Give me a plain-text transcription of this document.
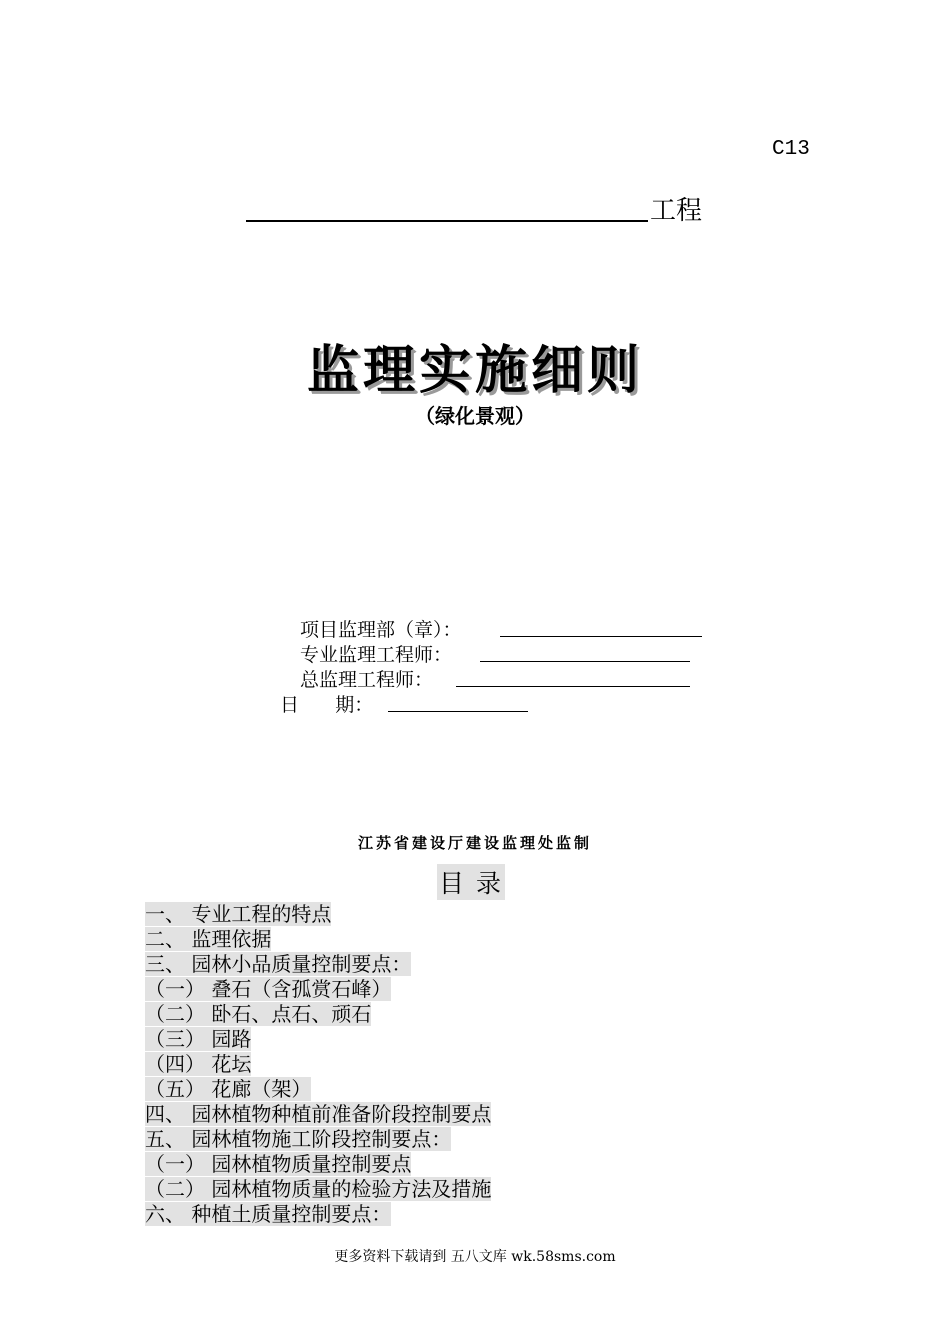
C13
工程
监理实施细则
（绿化景观）
项目监理部（章）：
专业监理工程师：
总监理工程师：
日      期：
江苏省建设厅建设监理处监制
目 录
一、 专业工程的特点
二、 监理依据
三、 园林小品质量控制要点：
（一） 叠石（含孤赏石峰）
（二） 卧石、点石、顽石
（三） 园路
（四） 花坛
（五） 花廊（架）
四、 园林植物种植前准备阶段控制要点
五、 园林植物施工阶段控制要点：
（一） 园林植物质量控制要点
（二） 园林植物质量的检验方法及措施
六、 种植土质量控制要点：
更多资料下载请到 五八文库 wk.58sms.com
